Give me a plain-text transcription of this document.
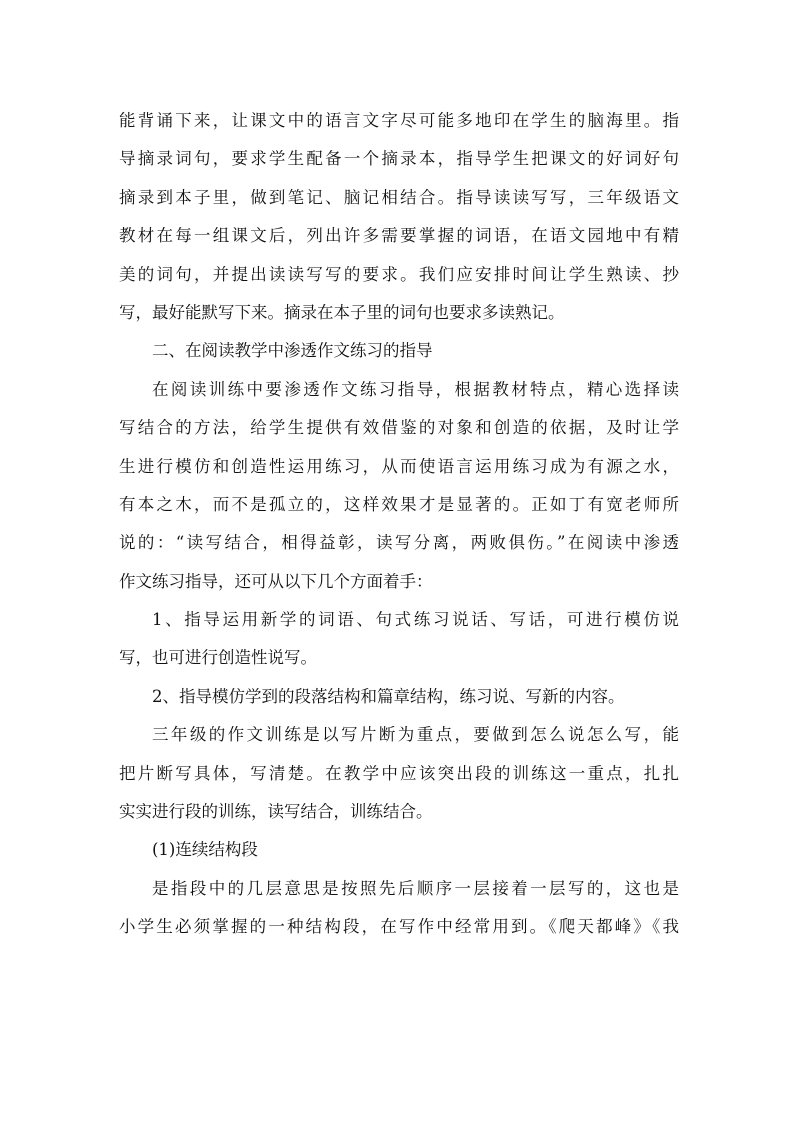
能背诵下来，让课文中的语言文字尽可能多地印在学生的脑海里。指
导摘录词句，要求学生配备一个摘录本，指导学生把课文的好词好句
摘录到本子里，做到笔记、脑记相结合。指导读读写写，三年级语文
教材在每一组课文后，列出许多需要掌握的词语，在语文园地中有精
美的词句，并提出读读写写的要求。我们应安排时间让学生熟读、抄
写，最好能默写下来。摘录在本子里的词句也要求多读熟记。
二、在阅读教学中渗透作文练习的指导
在阅读训练中要渗透作文练习指导，根据教材特点，精心选择读
写结合的方法，给学生提供有效借鉴的对象和创造的依据，及时让学
生进行模仿和创造性运用练习，从而使语言运用练习成为有源之水，
有本之木，而不是孤立的，这样效果才是显著的。正如丁有宽老师所
说的：“读写结合，相得益彰，读写分离，两败俱伤。”在阅读中渗透
作文练习指导，还可从以下几个方面着手：
1、指导运用新学的词语、句式练习说话、写话，可进行模仿说
写，也可进行创造性说写。
2、指导模仿学到的段落结构和篇章结构，练习说、写新的内容。
三年级的作文训练是以写片断为重点，要做到怎么说怎么写，能
把片断写具体，写清楚。在教学中应该突出段的训练这一重点，扎扎
实实进行段的训练，读写结合，训练结合。
(1)连续结构段
是指段中的几层意思是按照先后顺序一层接着一层写的，这也是
小学生必须掌握的一种结构段，在写作中经常用到。《爬天都峰》《我
